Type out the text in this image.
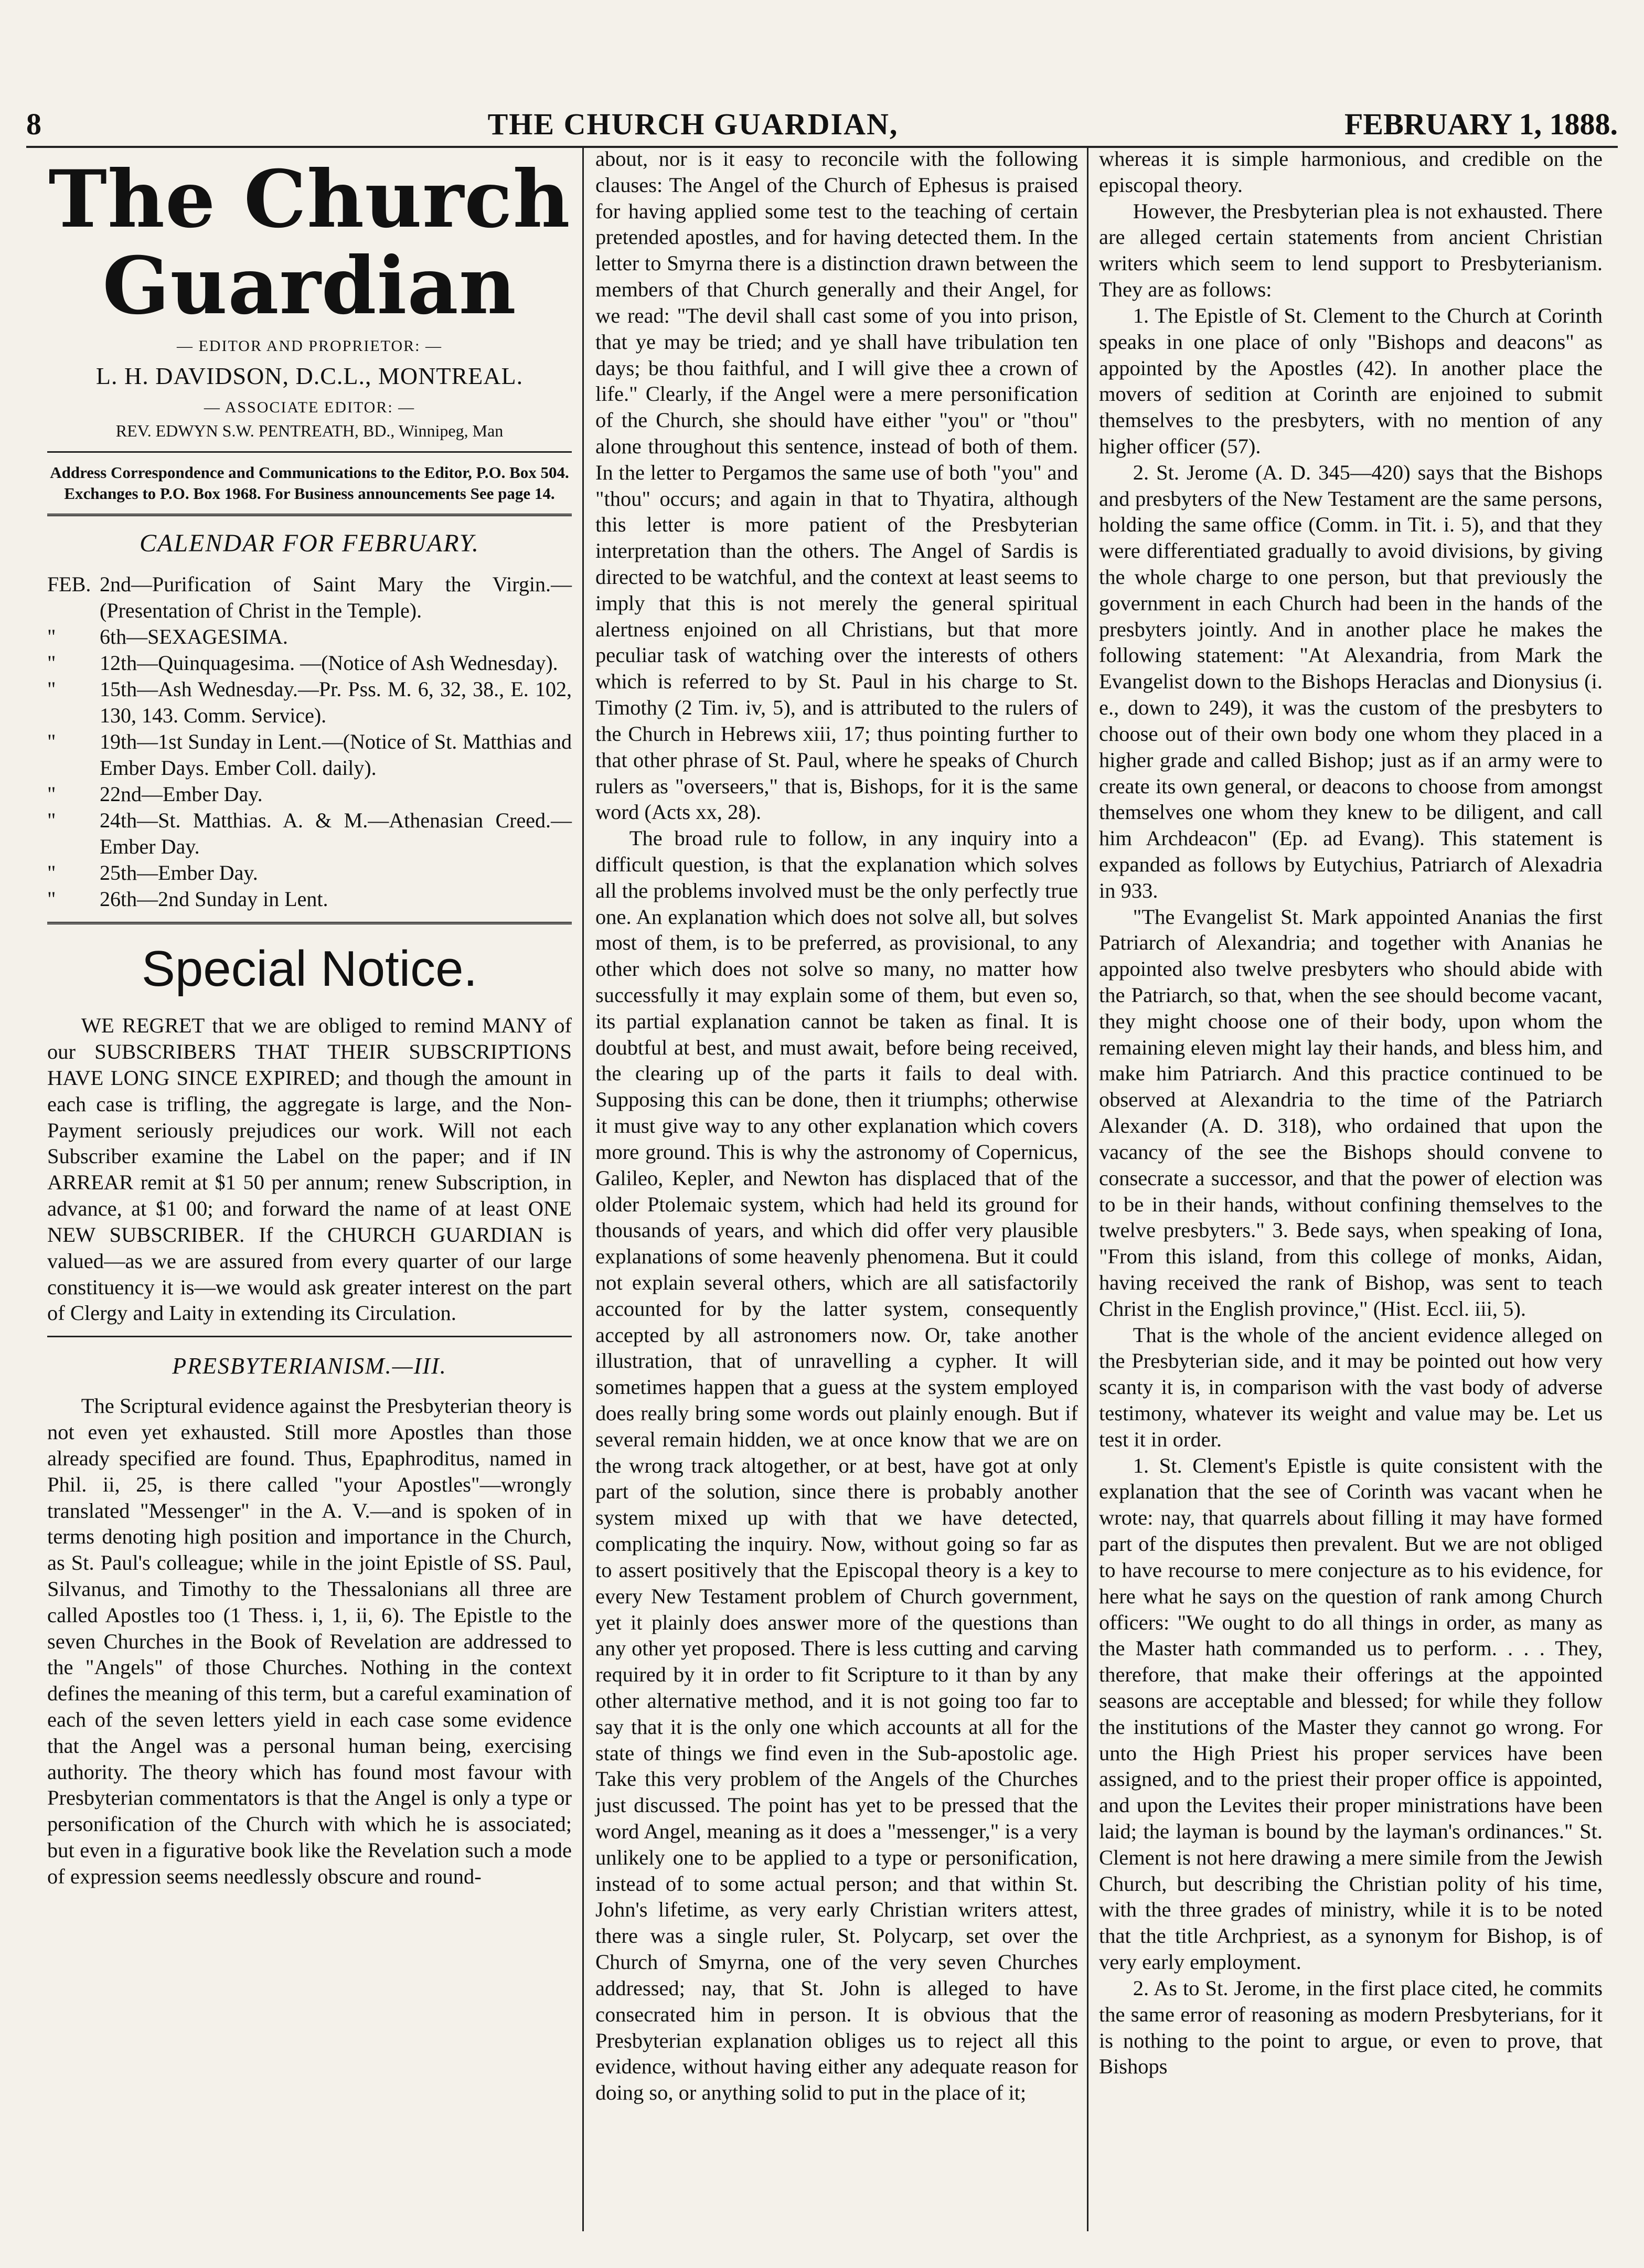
8	THE CHURCH GUARDIAN,	FEBRUARY 1, 1888.
The Church Guardian
— EDITOR AND PROPRIETOR: —
L. H. DAVIDSON, D.C.L., MONTREAL.
— ASSOCIATE EDITOR: —
REV. EDWYN S.W. PENTREATH, BD., Winnipeg, Man
Address Correspondence and Communications to the Editor, P.O. Box 504. Exchanges to P.O. Box 1968. For Business announcements See page 14.
CALENDAR FOR FEBRUARY.
FEB. 2nd—Purification of Saint Mary the Virgin.—(Presentation of Christ in the Temple).
"	6th—SEXAGESIMA.
"	12th—Quinquagesima. —(Notice of Ash Wednesday).
"	15th—Ash Wednesday.—Pr. Pss. M. 6, 32, 38., E. 102, 130, 143. Comm. Service).
"	19th—1st Sunday in Lent.—(Notice of St. Matthias and Ember Days. Ember Coll. daily).
"	22nd—Ember Day.
"	24th—St. Matthias. A. & M.—Athenasian Creed.—Ember Day.
"	25th—Ember Day.
"	26th—2nd Sunday in Lent.
Special Notice.

WE REGRET that we are obliged to remind MANY of our SUBSCRIBERS THAT THEIR SUBSCRIPTIONS HAVE LONG SINCE EXPIRED; and though the amount in each case is trifling, the aggregate is large, and the Non-Payment seriously prejudices our work. Will not each Subscriber examine the Label on the paper; and if IN ARREAR remit at $1 50 per annum; renew Subscription, in advance, at $1 00; and forward the name of at least ONE NEW SUBSCRIBER. If the CHURCH GUARDIAN is valued—as we are assured from every quarter of our large constituency it is—we would ask greater interest on the part of Clergy and Laity in extending its Circulation.

PRESBYTERIANISM.—III.

The Scriptural evidence against the Presbyterian theory is not even yet exhausted. Still more Apostles than those already specified are found. Thus, Epaphroditus, named in Phil. ii, 25, is there called "your Apostles"—wrongly translated "Messenger" in the A. V.—and is spoken of in terms denoting high position and importance in the Church, as St. Paul's colleague; while in the joint Epistle of SS. Paul, Silvanus, and Timothy to the Thessalonians all three are called Apostles too (1 Thess. i, 1, ii, 6). The Epistle to the seven Churches in the Book of Revelation are addressed to the "Angels" of those Churches. Nothing in the context defines the meaning of this term, but a careful examination of each of the seven letters yield in each case some evidence that the Angel was a personal human being, exercising authority. The theory which has found most favour with Presbyterian commentators is that the Angel is only a type or personification of the Church with which he is associated; but even in a figurative book like the Revelation such a mode of expression seems needlessly obscure and round-

about, nor is it easy to reconcile with the following clauses: The Angel of the Church of Ephesus is praised for having applied some test to the teaching of certain pretended apostles, and for having detected them. In the letter to Smyrna there is a distinction drawn between the members of that Church generally and their Angel, for we read: "The devil shall cast some of you into prison, that ye may be tried; and ye shall have tribulation ten days; be thou faithful, and I will give thee a crown of life." Clearly, if the Angel were a mere personification of the Church, she should have either "you" or "thou" alone throughout this sentence, instead of both of them. In the letter to Pergamos the same use of both "you" and "thou" occurs; and again in that to Thyatira, although this letter is more patient of the Presbyterian interpretation than the others. The Angel of Sardis is directed to be watchful, and the context at least seems to imply that this is not merely the general spiritual alertness enjoined on all Christians, but that more peculiar task of watching over the interests of others which is referred to by St. Paul in his charge to St. Timothy (2 Tim. iv, 5), and is attributed to the rulers of the Church in Hebrews xiii, 17; thus pointing further to that other phrase of St. Paul, where he speaks of Church rulers as "overseers," that is, Bishops, for it is the same word (Acts xx, 28).

The broad rule to follow, in any inquiry into a difficult question, is that the explanation which solves all the problems involved must be the only perfectly true one. An explanation which does not solve all, but solves most of them, is to be preferred, as provisional, to any other which does not solve so many, no matter how successfully it may explain some of them, but even so, its partial explanation cannot be taken as final. It is doubtful at best, and must await, before being received, the clearing up of the parts it fails to deal with. Supposing this can be done, then it triumphs; otherwise it must give way to any other explanation which covers more ground. This is why the astronomy of Copernicus, Galileo, Kepler, and Newton has displaced that of the older Ptolemaic system, which had held its ground for thousands of years, and which did offer very plausible explanations of some heavenly phenomena. But it could not explain several others, which are all satisfactorily accounted for by the latter system, consequently accepted by all astronomers now. Or, take another illustration, that of unravelling a cypher. It will sometimes happen that a guess at the system employed does really bring some words out plainly enough. But if several remain hidden, we at once know that we are on the wrong track altogether, or at best, have got at only part of the solution, since there is probably another system mixed up with that we have detected, complicating the inquiry. Now, without going so far as to assert positively that the Episcopal theory is a key to every New Testament problem of Church government, yet it plainly does answer more of the questions than any other yet proposed. There is less cutting and carving required by it in order to fit Scripture to it than by any other alternative method, and it is not going too far to say that it is the only one which accounts at all for the state of things we find even in the Sub-apostolic age. Take this very problem of the Angels of the Churches just discussed. The point has yet to be pressed that the word Angel, meaning as it does a "messenger," is a very unlikely one to be applied to a type or personification, instead of to some actual person; and that within St. John's lifetime, as very early Christian writers attest, there was a single ruler, St. Polycarp, set over the Church of Smyrna, one of the very seven Churches addressed; nay, that St. John is alleged to have consecrated him in person. It is obvious that the Presbyterian explanation obliges us to reject all this evidence, without having either any adequate reason for doing so, or anything solid to put in the place of it;

whereas it is simple harmonious, and credible on the episcopal theory.

However, the Presbyterian plea is not exhausted. There are alleged certain statements from ancient Christian writers which seem to lend support to Presbyterianism. They are as follows:

1. The Epistle of St. Clement to the Church at Corinth speaks in one place of only "Bishops and deacons" as appointed by the Apostles (42). In another place the movers of sedition at Corinth are enjoined to submit themselves to the presbyters, with no mention of any higher officer (57).

2. St. Jerome (A. D. 345—420) says that the Bishops and presbyters of the New Testament are the same persons, holding the same office (Comm. in Tit. i. 5), and that they were differentiated gradually to avoid divisions, by giving the whole charge to one person, but that previously the government in each Church had been in the hands of the presbyters jointly. And in another place he makes the following statement: "At Alexandria, from Mark the Evangelist down to the Bishops Heraclas and Dionysius (i. e., down to 249), it was the custom of the presbyters to choose out of their own body one whom they placed in a higher grade and called Bishop; just as if an army were to create its own general, or deacons to choose from amongst themselves one whom they knew to be diligent, and call him Archdeacon" (Ep. ad Evang). This statement is expanded as follows by Eutychius, Patriarch of Alexadria in 933.

"The Evangelist St. Mark appointed Ananias the first Patriarch of Alexandria; and together with Ananias he appointed also twelve presbyters who should abide with the Patriarch, so that, when the see should become vacant, they might choose one of their body, upon whom the remaining eleven might lay their hands, and bless him, and make him Patriarch. And this practice continued to be observed at Alexandria to the time of the Patriarch Alexander (A. D. 318), who ordained that upon the vacancy of the see the Bishops should convene to consecrate a successor, and that the power of election was to be in their hands, without confining themselves to the twelve presbyters." 3. Bede says, when speaking of Iona, "From this island, from this college of monks, Aidan, having received the rank of Bishop, was sent to teach Christ in the English province," (Hist. Eccl. iii, 5).

That is the whole of the ancient evidence alleged on the Presbyterian side, and it may be pointed out how very scanty it is, in comparison with the vast body of adverse testimony, whatever its weight and value may be. Let us test it in order.

1. St. Clement's Epistle is quite consistent with the explanation that the see of Corinth was vacant when he wrote: nay, that quarrels about filling it may have formed part of the disputes then prevalent. But we are not obliged to have recourse to mere conjecture as to his evidence, for here what he says on the question of rank among Church officers: "We ought to do all things in order, as many as the Master hath commanded us to perform. . . . They, therefore, that make their offerings at the appointed seasons are acceptable and blessed; for while they follow the institutions of the Master they cannot go wrong. For unto the High Priest his proper services have been assigned, and to the priest their proper office is appointed, and upon the Levites their proper ministrations have been laid; the layman is bound by the layman's ordinances." St. Clement is not here drawing a mere simile from the Jewish Church, but describing the Christian polity of his time, with the three grades of ministry, while it is to be noted that the title Archpriest, as a synonym for Bishop, is of very early employment.

2. As to St. Jerome, in the first place cited, he commits the same error of reasoning as modern Presbyterians, for it is nothing to the point to argue, or even to prove, that Bishops
